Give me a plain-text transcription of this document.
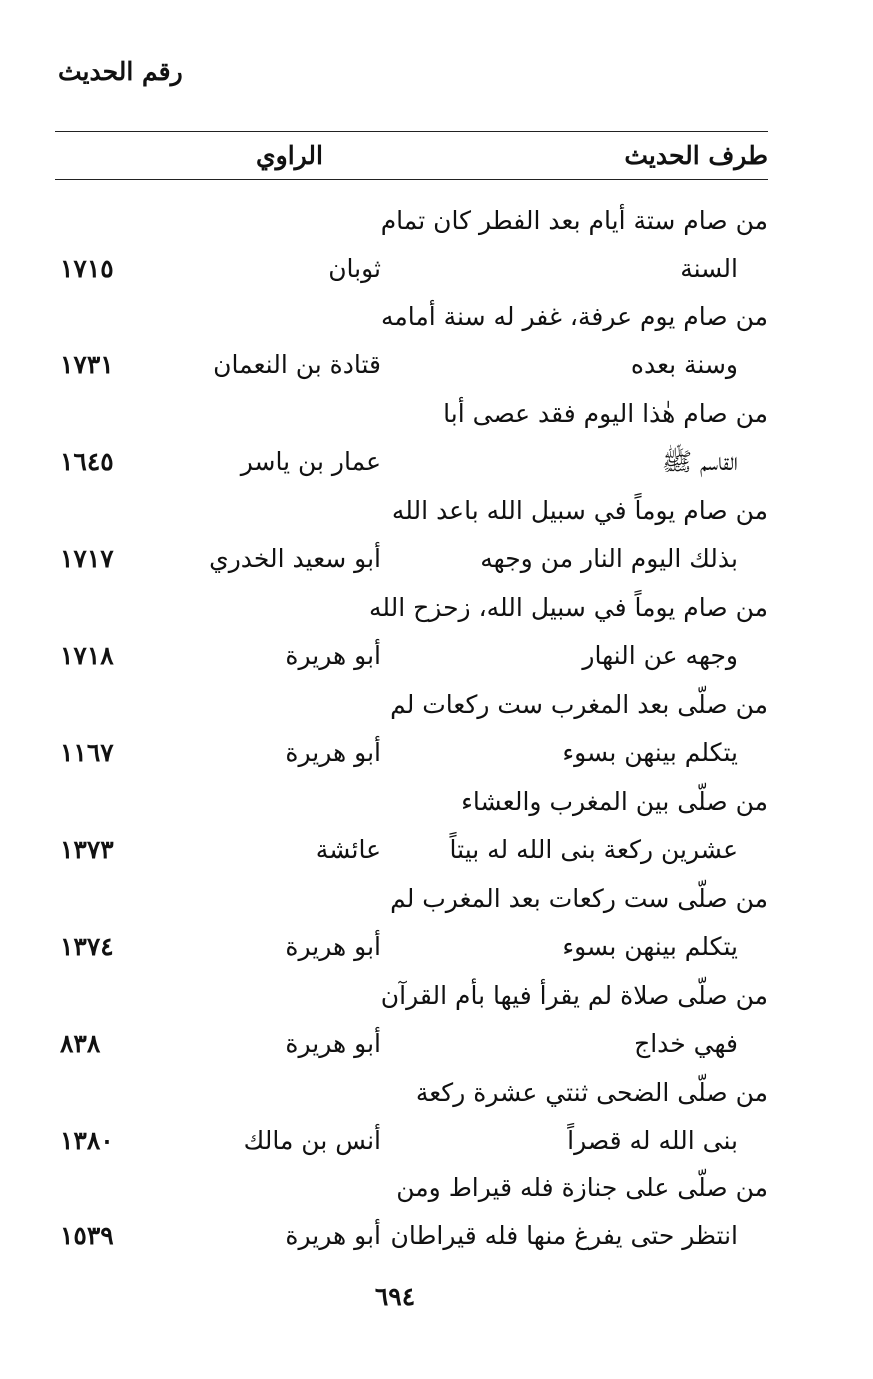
طرف الحديث
الراوي
رقم الحديث
من صام ستة أيام بعد الفطر كان تمام
السنة
ثوبان
١٧١٥
من صام يوم عرفة، غفر له سنة أمامه
وسنة بعده
قتادة بن النعمان
١٧٣١
من صام هٰذا اليوم فقد عصى أبا
القاسم ﷺ
عمار بن ياسر
١٦٤٥
من صام يوماً في سبيل الله باعد الله
بذلك اليوم النار من وجهه
أبو سعيد الخدري
١٧١٧
من صام يوماً في سبيل الله، زحزح الله
وجهه عن النهار
أبو هريرة
١٧١٨
من صلّى بعد المغرب ست ركعات لم
يتكلم بينهن بسوء
أبو هريرة
١١٦٧
من صلّى بين المغرب والعشاء
عشرين ركعة بنى الله له بيتاً
عائشة
١٣٧٣
من صلّى ست ركعات بعد المغرب لم
يتكلم بينهن بسوء
أبو هريرة
١٣٧٤
من صلّى صلاة لم يقرأ فيها بأم القرآن
فهي خداج
أبو هريرة
٨٣٨
من صلّى الضحى ثنتي عشرة ركعة
بنى الله له قصراً
أنس بن مالك
١٣٨٠
من صلّى على جنازة فله قيراط ومن
انتظر حتى يفرغ منها فله قيراطان
أبو هريرة
١٥٣٩
٦٩٤
